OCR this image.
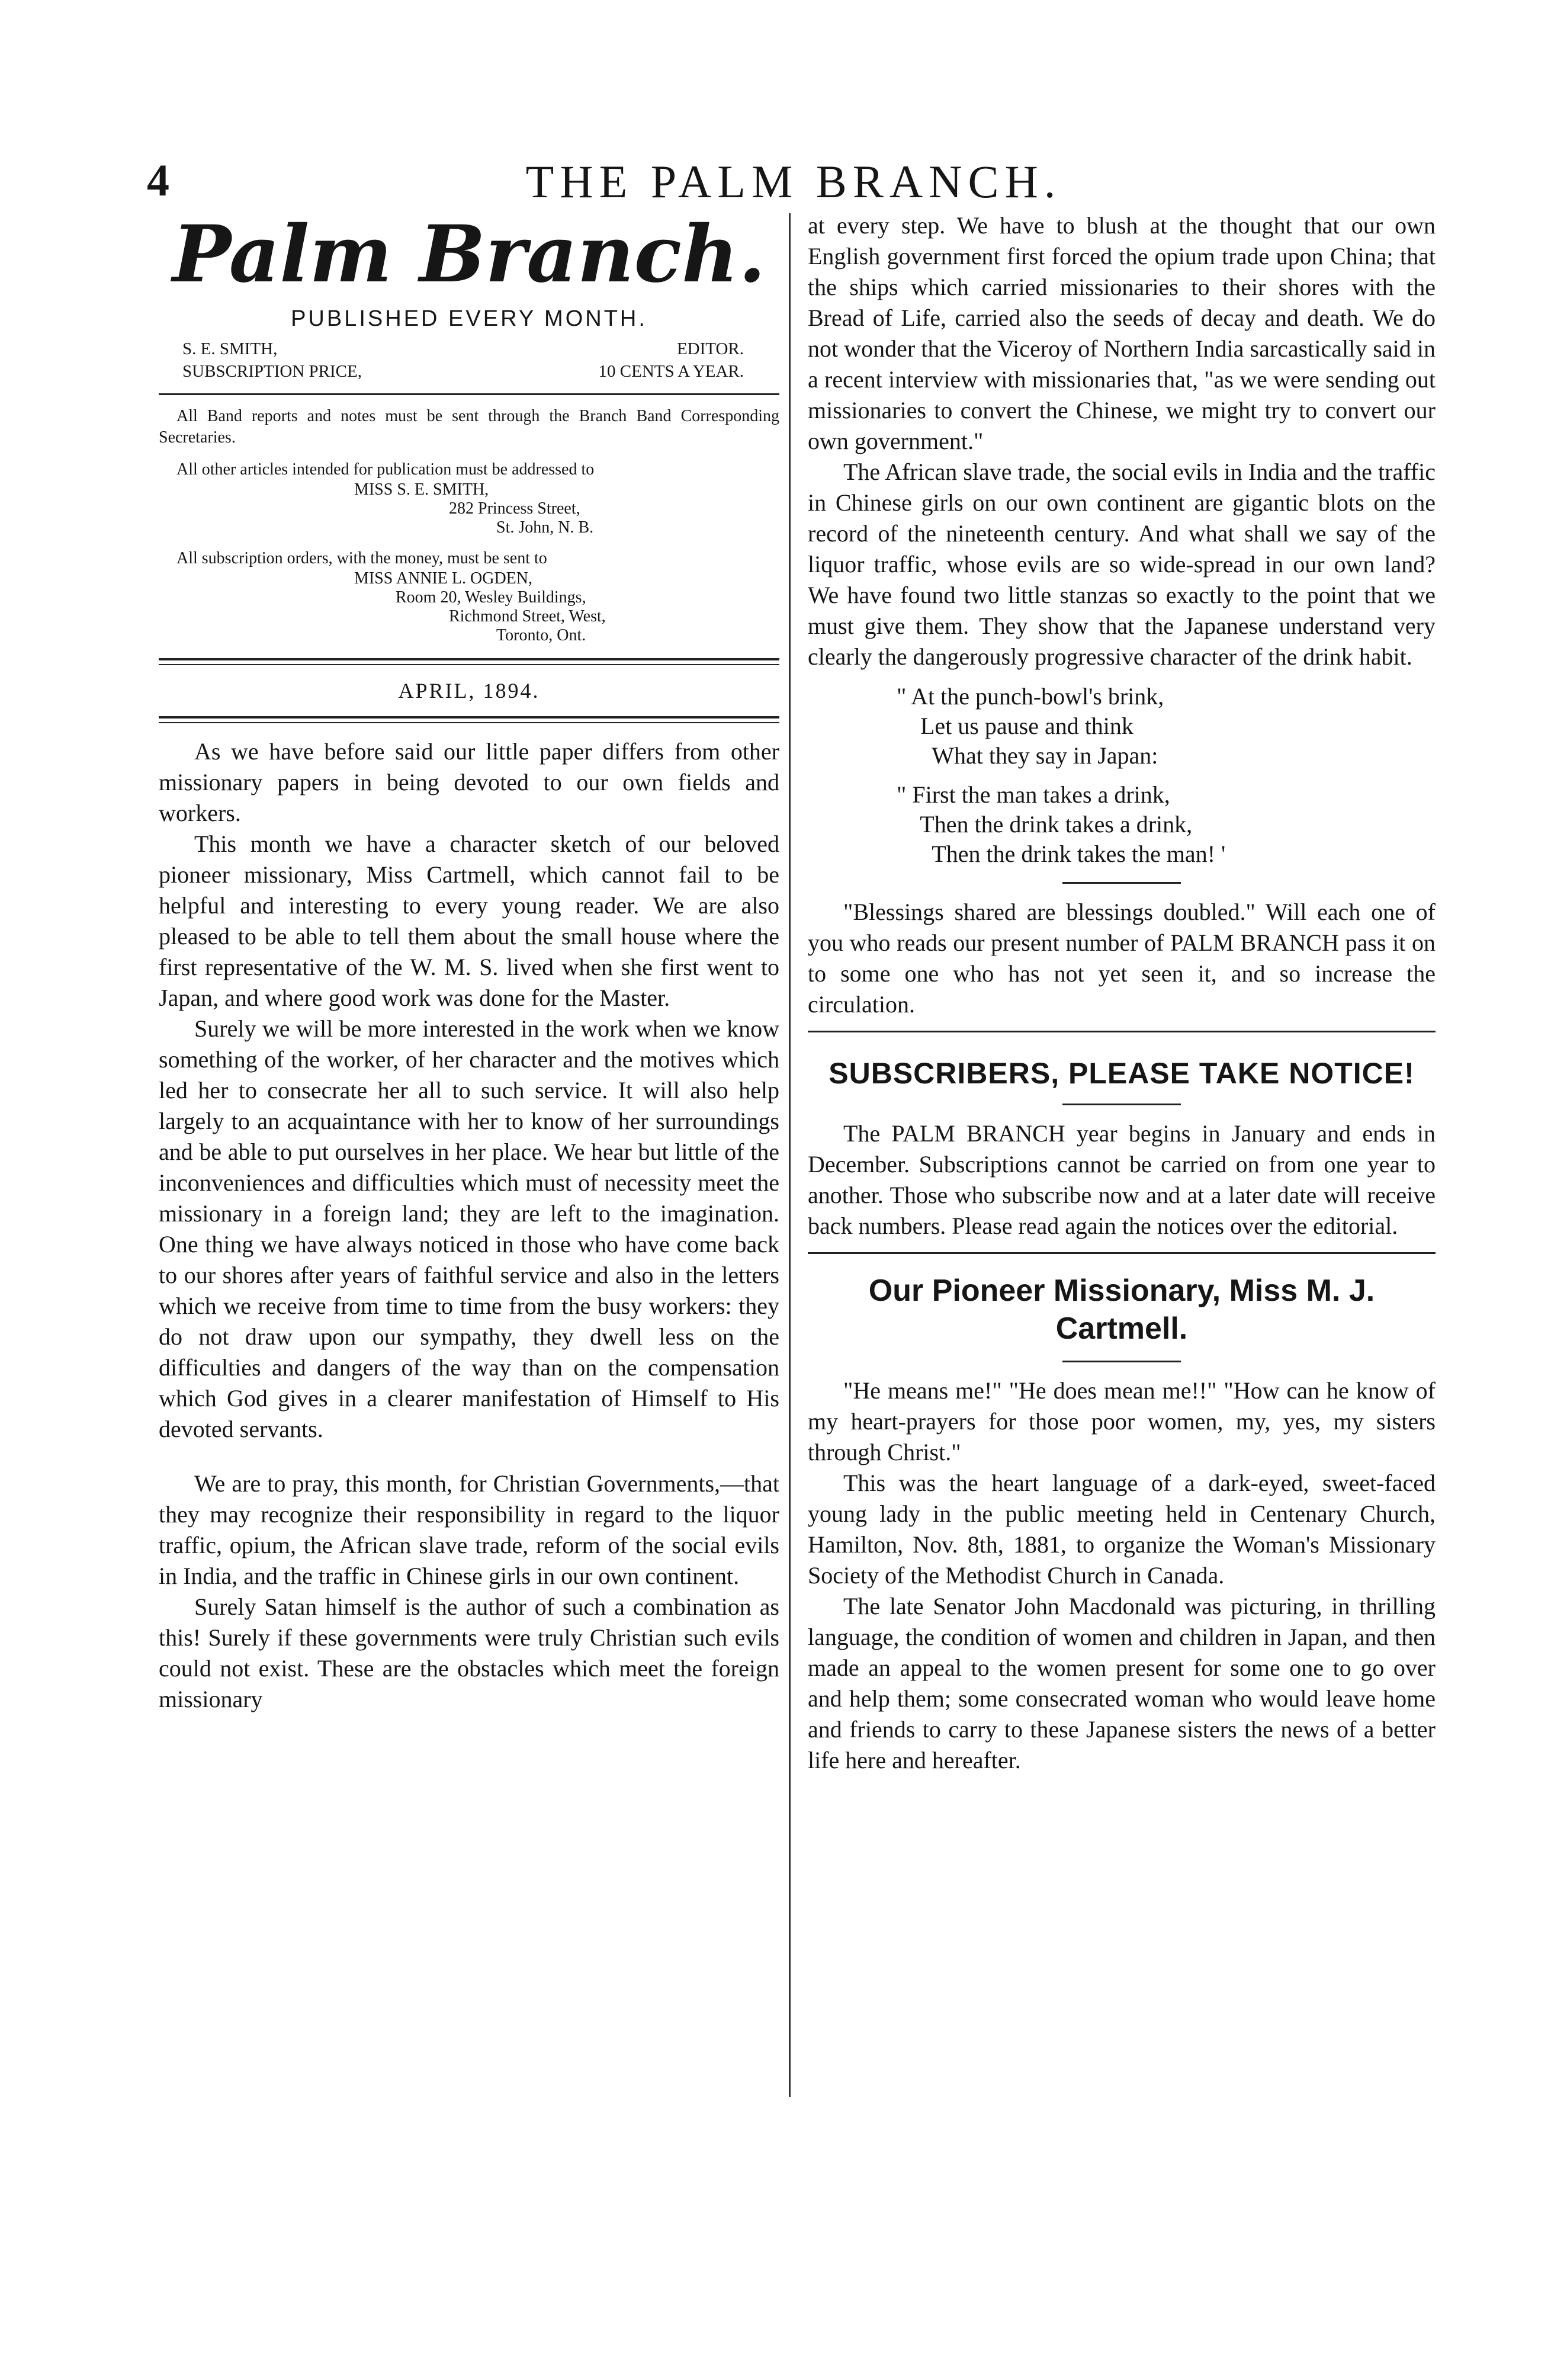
4	THE PALM BRANCH.
Palm Branch.
PUBLISHED EVERY MONTH.
S. E. SMITH,	EDITOR.
SUBSCRIPTION PRICE,	10 CENTS A YEAR.

All Band reports and notes must be sent through the Branch Band Corresponding Secretaries.

All other articles intended for publication must be addressed to

MISS S. E. SMITH,
282 Princess Street,
St. John, N. B.

All subscription orders, with the money, must be sent to

MISS ANNIE L. OGDEN,
Room 20, Wesley Buildings,
Richmond Street, West,
Toronto, Ont.
APRIL, 1894.

As we have before said our little paper differs from other missionary papers in being devoted to our own fields and workers.

This month we have a character sketch of our beloved pioneer missionary, Miss Cartmell, which cannot fail to be helpful and interesting to every young reader. We are also pleased to be able to tell them about the small house where the first representative of the W. M. S. lived when she first went to Japan, and where good work was done for the Master.

Surely we will be more interested in the work when we know something of the worker, of her character and the motives which led her to consecrate her all to such service. It will also help largely to an acquaintance with her to know of her surroundings and be able to put ourselves in her place. We hear but little of the inconveniences and difficulties which must of necessity meet the missionary in a foreign land; they are left to the imagination. One thing we have always noticed in those who have come back to our shores after years of faithful service and also in the letters which we receive from time to time from the busy workers: they do not draw upon our sympathy, they dwell less on the difficulties and dangers of the way than on the compensation which God gives in a clearer manifestation of Himself to His devoted servants.

We are to pray, this month, for Christian Governments,—that they may recognize their responsibility in regard to the liquor traffic, opium, the African slave trade, reform of the social evils in India, and the traffic in Chinese girls in our own continent.

Surely Satan himself is the author of such a combination as this! Surely if these governments were truly Christian such evils could not exist. These are the obstacles which meet the foreign missionary

at every step. We have to blush at the thought that our own English government first forced the opium trade upon China; that the ships which carried missionaries to their shores with the Bread of Life, carried also the seeds of decay and death. We do not wonder that the Viceroy of Northern India sarcastically said in a recent interview with missionaries that, "as we were sending out missionaries to convert the Chinese, we might try to convert our own government."

The African slave trade, the social evils in India and the traffic in Chinese girls on our own continent are gigantic blots on the record of the nineteenth century. And what shall we say of the liquor traffic, whose evils are so wide-spread in our own land? We have found two little stanzas so exactly to the point that we must give them. They show that the Japanese understand very clearly the dangerously progressive character of the drink habit.

" At the punch-bowl's brink,
Let us pause and think
What they say in Japan:
" First the man takes a drink,
Then the drink takes a drink,
Then the drink takes the man! '

"Blessings shared are blessings doubled." Will each one of you who reads our present number of PALM BRANCH pass it on to some one who has not yet seen it, and so increase the circulation.

SUBSCRIBERS, PLEASE TAKE NOTICE!

The PALM BRANCH year begins in January and ends in December. Subscriptions cannot be carried on from one year to another. Those who subscribe now and at a later date will receive back numbers. Please read again the notices over the editorial.

Our Pioneer Missionary, Miss M. J. Cartmell.

"He means me!" "He does mean me!!" "How can he know of my heart-prayers for those poor women, my, yes, my sisters through Christ."

This was the heart language of a dark-eyed, sweet-faced young lady in the public meeting held in Centenary Church, Hamilton, Nov. 8th, 1881, to organize the Woman's Missionary Society of the Methodist Church in Canada.

The late Senator John Macdonald was picturing, in thrilling language, the condition of women and children in Japan, and then made an appeal to the women present for some one to go over and help them; some consecrated woman who would leave home and friends to carry to these Japanese sisters the news of a better life here and hereafter.
